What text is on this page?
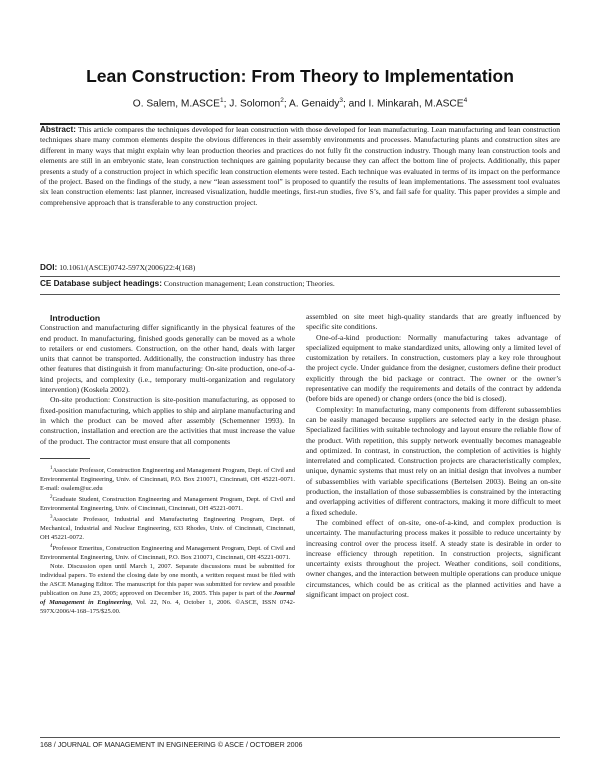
Lean Construction: From Theory to Implementation
O. Salem, M.ASCE$^1$; J. Solomon$^2$; A. Genaidy$^3$; and I. Minkarah, M.ASCE$^4$
Abstract: This article compares the techniques developed for lean construction with those developed for lean manufacturing. Lean manufacturing and lean construction techniques share many common elements despite the obvious differences in their assembly environments and processes. Manufacturing plants and construction sites are different in many ways that might explain why lean production theories and practices do not fully fit the construction industry. Though many lean construction tools and elements are still in an embryonic state, lean construction techniques are gaining popularity because they can affect the bottom line of projects. Additionally, this paper presents a study of a construction project in which specific lean construction elements were tested. Each technique was evaluated in terms of its impact on the performance of the project. Based on the findings of the study, a new “lean assessment tool” is proposed to quantify the results of lean implementations. The assessment tool evaluates six lean construction elements: last planner, increased visualization, huddle meetings, first-run studies, five S’s, and fail safe for quality. This paper provides a simple and comprehensive approach that is transferable to any construction project.
DOI: 10.1061/(ASCE)0742-597X(2006)22:4(168)
CE Database subject headings: Construction management; Lean construction; Theories.

Introduction

Construction and manufacturing differ significantly in the physical features of the end product. In manufacturing, finished goods generally can be moved as a whole to retailers or end customers. Construction, on the other hand, deals with larger units that cannot be transported. Additionally, the construction industry has three other features that distinguish it from manufacturing: On-site production, one-of-a-kind projects, and complexity (i.e., temporary multi-organization and regulatory intervention) (Koskela 2002).

On-site production: Construction is site-position manufacturing, as opposed to fixed-position manufacturing, which applies to ship and airplane manufacturing and in which the product can be moved after assembly (Schemenner 1993). In construction, installation and erection are the activities that must increase the value of the product. The contractor must ensure that all components

$^1$Associate Professor, Construction Engineering and Management Program, Dept. of Civil and Environmental Engineering, Univ. of Cincinnati, P.O. Box 210071, Cincinnati, OH 45221-0071. E-mail: osalem@uc.edu

$^2$Graduate Student, Construction Engineering and Management Program, Dept. of Civil and Environmental Engineering, Univ. of Cincinnati, Cincinnati, OH 45221-0071.

$^3$Associate Professor, Industrial and Manufacturing Engineering Program, Dept. of Mechanical, Industrial and Nuclear Engineering, 633 Rhodes, Univ. of Cincinnati, Cincinnati, OH 45221-0072.

$^4$Professor Emeritus, Construction Engineering and Management Program, Dept. of Civil and Environmental Engineering, Univ. of Cincinnati, P.O. Box 210071, Cincinnati, OH 45221-0071.

Note. Discussion open until March 1, 2007. Separate discussions must be submitted for individual papers. To extend the closing date by one month, a written request must be filed with the ASCE Managing Editor. The manuscript for this paper was submitted for review and possible publication on June 23, 2005; approved on December 16, 2005. This paper is part of the Journal of Management in Engineering, Vol. 22, No. 4, October 1, 2006. ©ASCE, ISSN 0742-597X/2006/4-168–175/$25.00.

assembled on site meet high-quality standards that are greatly influenced by specific site conditions.

One-of-a-kind production: Normally manufacturing takes advantage of specialized equipment to make standardized units, allowing only a limited level of customization by retailers. In construction, customers play a key role throughout the project cycle. Under guidance from the designer, customers define their product explicitly through the bid package or contract. The owner or the owner’s representative can modify the requirements and details of the contract by addenda (before bids are opened) or change orders (once the bid is closed).

Complexity: In manufacturing, many components from different subassemblies can be easily managed because suppliers are selected early in the design phase. Specialized facilities with suitable technology and layout ensure the reliable flow of the product. With repetition, this supply network eventually becomes manageable and optimized. In contrast, in construction, the completion of activities is highly interrelated and complicated. Construction projects are characteristically complex, unique, dynamic systems that must rely on an initial design that involves a number of subassemblies with variable specifications (Bertelsen 2003). Being an on-site production, the installation of those subassemblies is constrained by the interacting and overlapping activities of different contractors, making it more difficult to meet a fixed schedule.

The combined effect of on-site, one-of-a-kind, and complex production is uncertainty. The manufacturing process makes it possible to reduce uncertainty by increasing control over the process itself. A steady state is desirable in order to increase efficiency through repetition. In construction projects, significant uncertainty exists throughout the project. Weather conditions, soil conditions, owner changes, and the interaction between multiple operations can produce unique circumstances, which could be as critical as the planned activities and have a significant impact on project cost.

168 / JOURNAL OF MANAGEMENT IN ENGINEERING © ASCE / OCTOBER 2006
